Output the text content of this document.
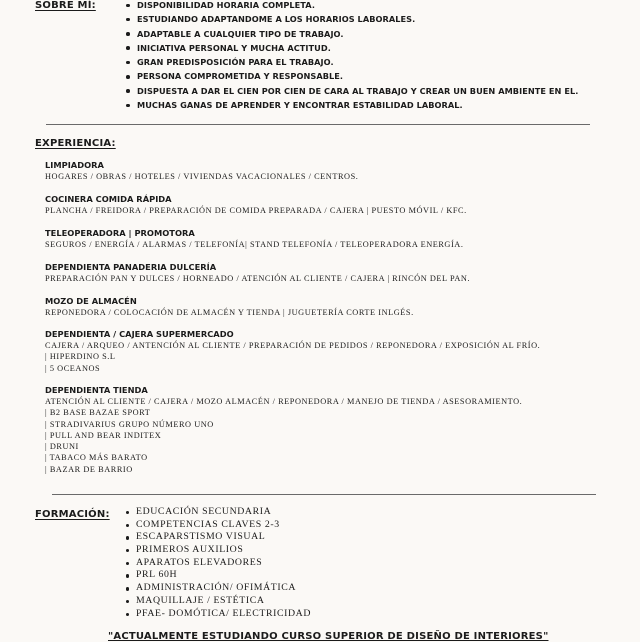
SOBRE MÍ:	DISPONIBILIDAD HORARIA COMPLETA.
ESTUDIANDO ADAPTANDOME A LOS HORARIOS LABORALES.
ADAPTABLE A CUALQUIER TIPO DE TRABAJO.
INICIATIVA PERSONAL Y MUCHA ACTITUD.
GRAN PREDISPOSICIÓN PARA EL TRABAJO.
PERSONA COMPROMETIDA Y RESPONSABLE.
DISPUESTA A DAR EL CIEN POR CIEN DE CARA AL TRABAJO Y CREAR UN BUEN AMBIENTE EN EL.
MUCHAS GANAS DE APRENDER Y ENCONTRAR ESTABILIDAD LABORAL.
EXPERIENCIA:
LIMPIADORA
HOGARES / OBRAS / HOTELES / VIVIENDAS VACACIONALES / CENTROS.
COCINERA COMIDA RÁPIDA
PLANCHA / FREIDORA / PREPARACIÓN DE COMIDA PREPARADA / CAJERA | PUESTO MÓVIL / KFC.
TELEOPERADORA | PROMOTORA
SEGUROS / ENERGÍA / ALARMAS / TELEFONÍA| STAND TELEFONÍA / TELEOPERADORA ENERGÍA.
DEPENDIENTA PANADERIA DULCERÍA
PREPARACIÓN PAN Y DULCES / HORNEADO / ATENCIÓN AL CLIENTE / CAJERA | RINCÓN DEL PAN.
MOZO DE ALMACÉN
REPONEDORA / COLOCACIÓN DE ALMACÉN Y TIENDA | JUGUETERÍA CORTE INLGÉS.
DEPENDIENTA / CAJERA SUPERMERCADO
CAJERA / ARQUEO / ANTENCIÓN AL CLIENTE / PREPARACIÓN DE PEDIDOS / REPONEDORA / EXPOSICIÓN AL FRÍO.
| HIPERDINO S.L
| 5 OCEANOS
DEPENDIENTA TIENDA
ATENCIÓN AL CLIENTE / CAJERA / MOZO ALMACÉN / REPONEDORA / MANEJO DE TIENDA / ASESORAMIENTO.
| B2 BASE BAZAE SPORT
| STRADIVARIUS GRUPO NÚMERO UNO
| PULL AND BEAR INDITEX
| DRUNI
| TABACO MÁS BARATO
| BAZAR DE BARRIO
FORMACIÓN:	EDUCACIÓN SECUNDARIA
COMPETENCIAS CLAVES 2-3
ESCAPARSTISMO VISUAL
PRIMEROS AUXILIOS
APARATOS ELEVADORES
PRL 60H
ADMINISTRACIÓN/ OFIMÁTICA
MAQUILLAJE / ESTÉTICA
PFAE- DOMÓTICA/ ELECTRICIDAD
"ACTUALMENTE ESTUDIANDO CURSO SUPERIOR DE DISEÑO DE INTERIORES"
